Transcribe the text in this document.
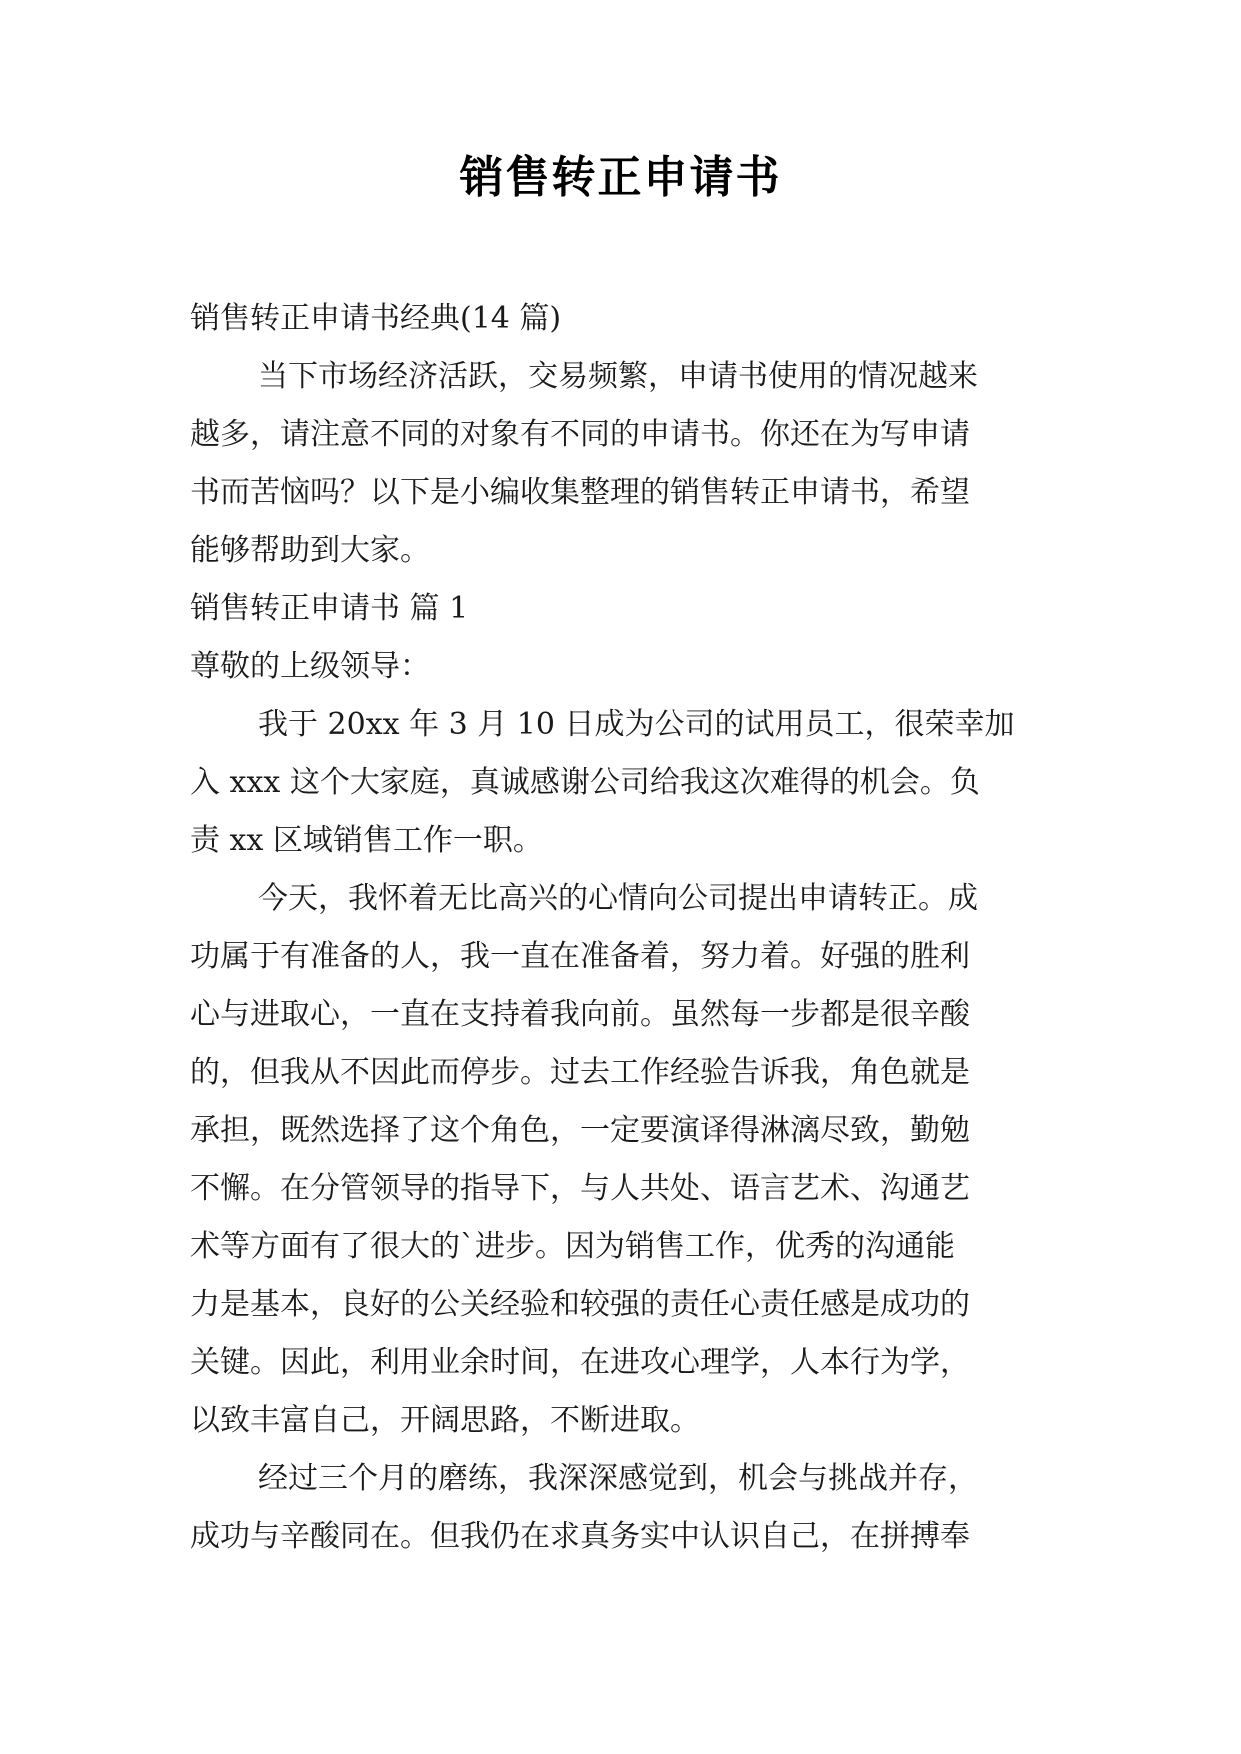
销售转正申请书
销售转正申请书经典(14 篇)
当下市场经济活跃，交易频繁，申请书使用的情况越来
越多，请注意不同的对象有不同的申请书。你还在为写申请
书而苦恼吗？以下是小编收集整理的销售转正申请书，希望
能够帮助到大家。
销售转正申请书 篇 1
尊敬的上级领导：
我于 20xx 年 3 月 10 日成为公司的试用员工，很荣幸加
入 xxx 这个大家庭，真诚感谢公司给我这次难得的机会。负
责 xx 区域销售工作一职。
今天，我怀着无比高兴的心情向公司提出申请转正。成
功属于有准备的人，我一直在准备着，努力着。好强的胜利
心与进取心，一直在支持着我向前。虽然每一步都是很辛酸
的，但我从不因此而停步。过去工作经验告诉我，角色就是
承担，既然选择了这个角色，一定要演译得淋漓尽致，勤勉
不懈。在分管领导的指导下，与人共处、语言艺术、沟通艺
术等方面有了很大的`进步。因为销售工作，优秀的沟通能
力是基本，良好的公关经验和较强的责任心责任感是成功的
关键。因此，利用业余时间，在进攻心理学，人本行为学，
以致丰富自己，开阔思路，不断进取。
经过三个月的磨练，我深深感觉到，机会与挑战并存，
成功与辛酸同在。但我仍在求真务实中认识自己，在拼搏奉
